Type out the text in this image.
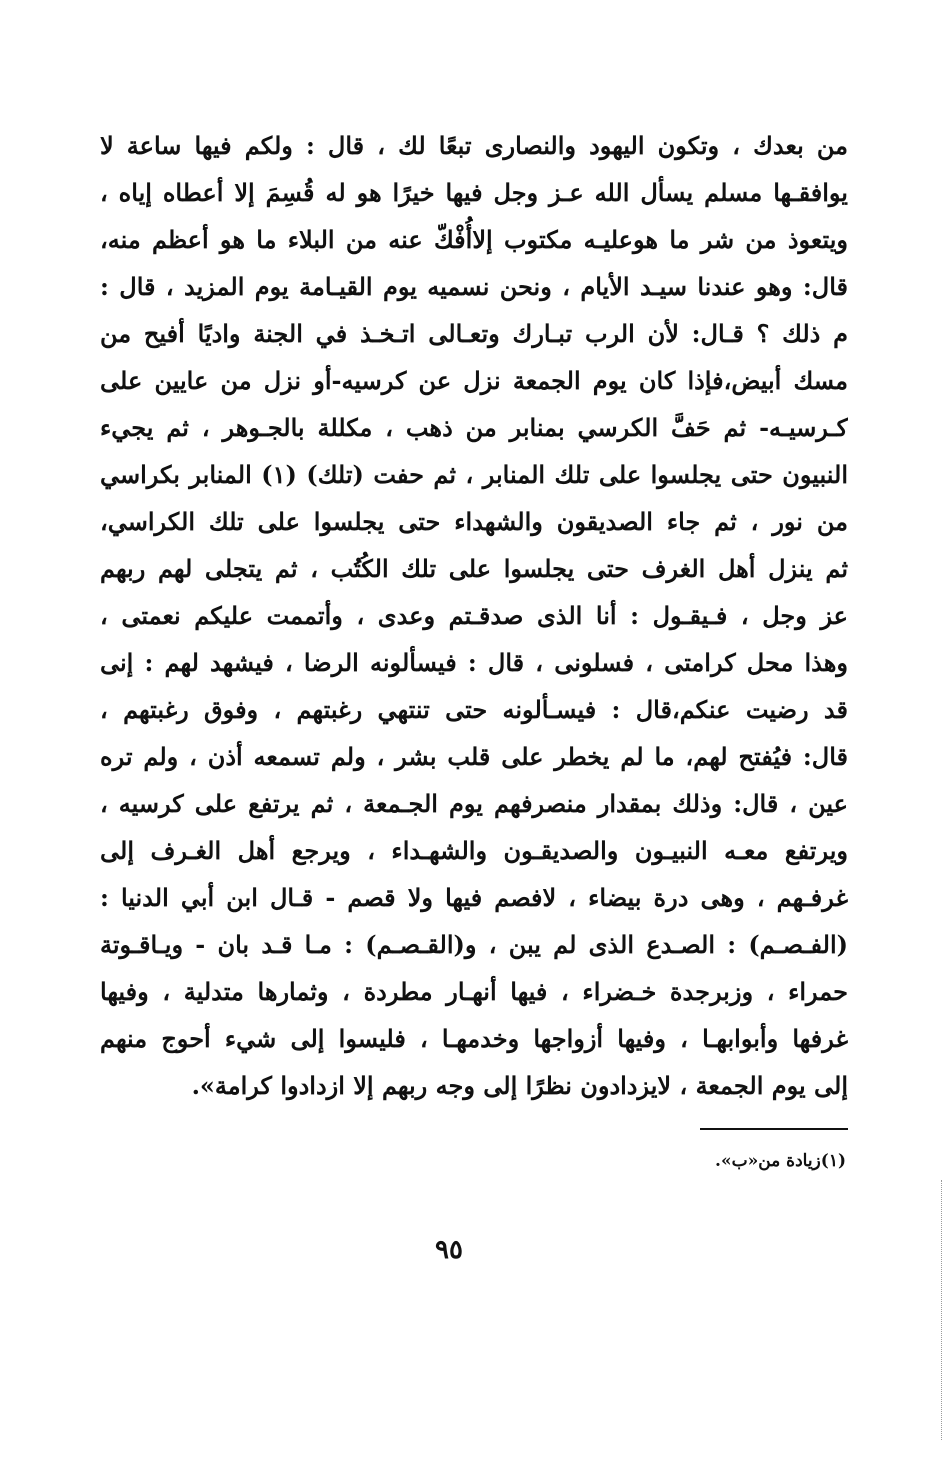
من بعدك ، وتكون اليهود والنصارى تبعًا لك ، قال : ولكم فيها ساعة لا
يوافقـها مسلم يسأل الله عـز وجل فيها خيرًا هو له قُسِمَ إلا أعطاه إياه ،
ويتعوذ من شر ما هوعليـه مكتوب إلاأُفْكّ عنه من البلاء ما هو أعظم منه،
قال: وهو عندنا سيـد الأيام ، ونحن نسميه يوم القيـامة يوم المزيد ، قال :
م ذلك ؟ قـال: لأن الرب تبـارك وتعـالى اتـخـذ في الجنة واديًا أفيح من
مسك أبيض،فإذا كان يوم الجمعة نزل عن كرسيه-أو نزل من عايين على
كـرسيـه- ثم حَفَّ الكرسي بمنابر من ذهب ، مكللة بالجـوهر ، ثم يجيء
النبيون حتى يجلسوا على تلك المنابر ، ثم حفت (تلك) (١) المنابر بكراسي
من نور ، ثم جاء الصديقون والشهداء حتى يجلسوا على تلك الكراسي،
ثم ينزل أهل الغرف حتى يجلسوا على تلك الكُتُب ، ثم يتجلى لهم ربهم
عز وجل ، فـيقـول : أنا الذى صدقـتم وعدى ، وأتممت عليكم نعمتى ،
وهذا محل كرامتى ، فسلونى ، قال : فيسألونه الرضا ، فيشهد لهم : إنى
قد رضيت عنكم،قال : فيسـألونه حتى تنتهي رغبتهم ، وفوق رغبتهم ،
قال: فيُفتح لهم، ما لم يخطر على قلب بشر ، ولم تسمعه أذن ، ولم تره
عين ، قال: وذلك بمقدار منصرفهم يوم الجـمعة ، ثم يرتفع على كرسيه ،
ويرتفع معـه النبيـون والصديقـون والشهـداء ، ويرجع أهل الغـرف إلى
غرفـهم ، وهى درة بيضاء ، لافصم فيها ولا قصم - قـال ابن أبي الدنيا :
(الفـصـم) : الصـدع الذى لم يبن ، و(القـصـم) : مـا قـد بان - ويـاقـوتة
حمراء ، وزبرجدة خـضراء ، فيها أنهـار مطردة ، وثمارها متدلية ، وفيها
غرفها وأبوابهـا ، وفيها أزواجها وخدمهـا ، فليسوا إلى شيء أحوج منهم
إلى يوم الجمعة ، لايزدادون نظرًا إلى وجه ربهم إلا ازدادوا كرامة».
(١)زيادة من«ب».
٩٥
